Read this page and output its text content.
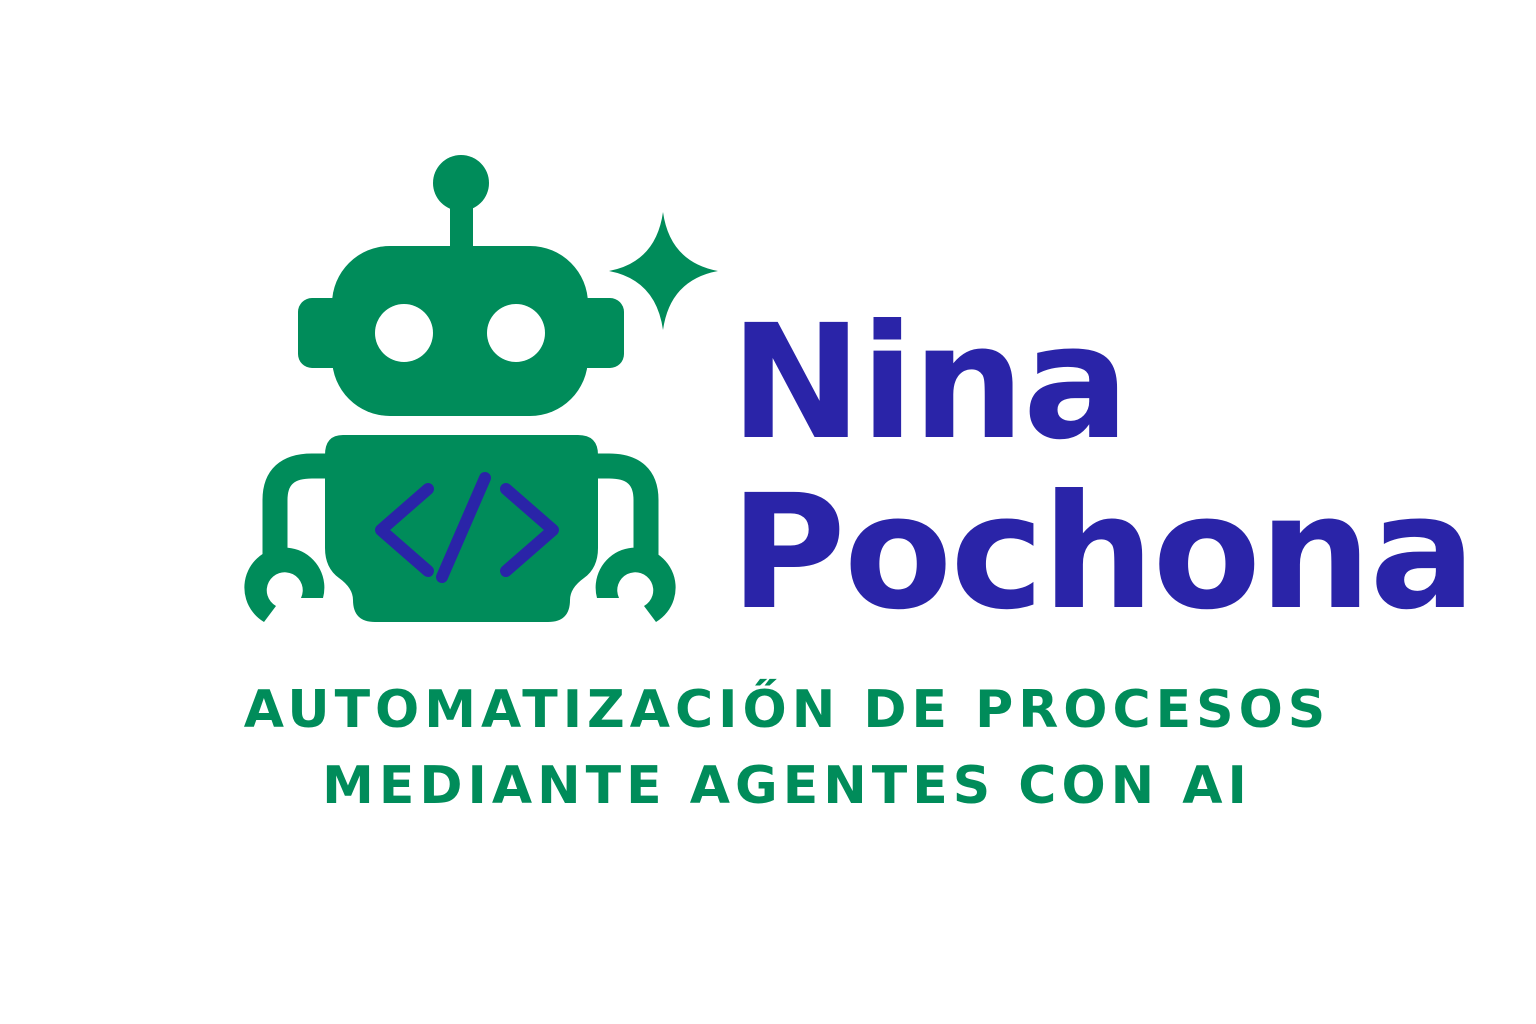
Nina
Pochona

AUTOMATIZACIŐN DE PROCESOS
MEDIANTE AGENTES CON AI
